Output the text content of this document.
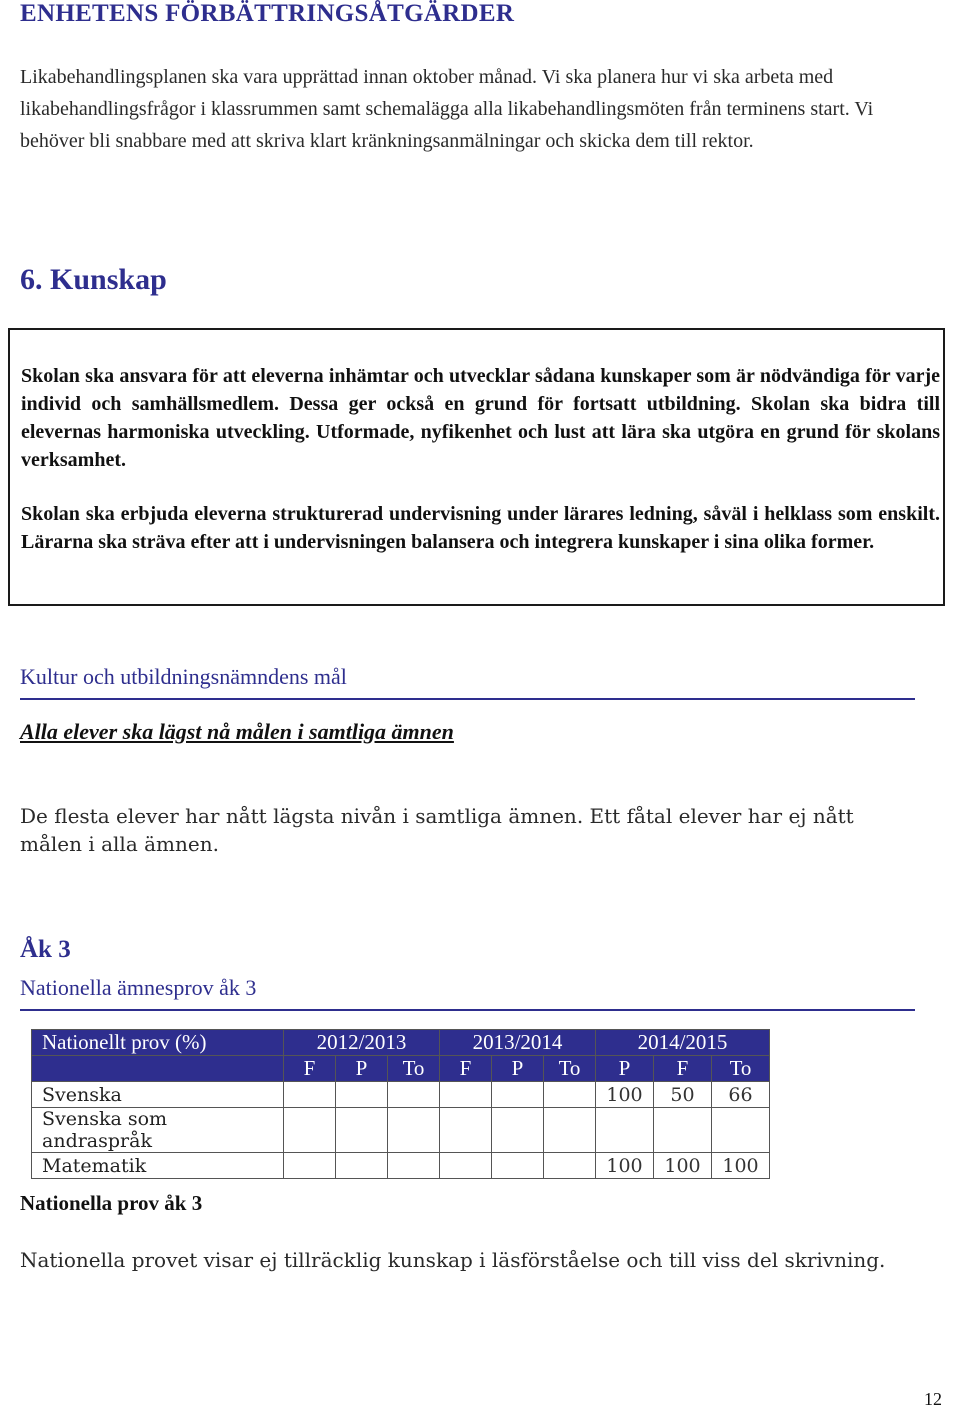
ENHETENS FÖRBÄTTRINGSÅTGÄRDER

Likabehandlingsplanen ska vara upprättad innan oktober månad. Vi ska planera hur vi ska arbeta med likabehandlingsfrågor i klassrummen samt schemalägga alla likabehandlingsmöten från terminens start. Vi behöver bli snabbare med att skriva klart kränkningsanmälningar och skicka dem till rektor.

6. Kunskap

Skolan ska ansvara för att eleverna inhämtar och utvecklar sådana kunskaper som är nödvändiga för varje individ och samhällsmedlem. Dessa ger också en grund för fortsatt utbildning. Skolan ska bidra till elevernas harmoniska utveckling. Utformade, nyfikenhet och lust att lära ska utgöra en grund för skolans verksamhet.

Skolan ska erbjuda eleverna strukturerad undervisning under lärares ledning, såväl i helklass som enskilt. Lärarna ska sträva efter att i undervisningen balansera och integrera kunskaper i sina olika former.

Kultur och utbildningsnämndens mål
Alla elever ska lägst nå målen i samtliga ämnen

De flesta elever har nått lägsta nivån i samtliga ämnen. Ett fåtal elever har ej nått målen i alla ämnen.

Åk 3
Nationella ämnesprov åk 3
Nationellt prov (%)	2012/2013			2013/2014			2014/2015		
	F	P	To	F	P	To	P	F	To
Svenska							100	50	66
Svenska som andraspråk									
Matematik							100	100	100
Nationella prov åk 3

Nationella provet visar ej tillräcklig kunskap i läsförståelse och till viss del skrivning.

12
